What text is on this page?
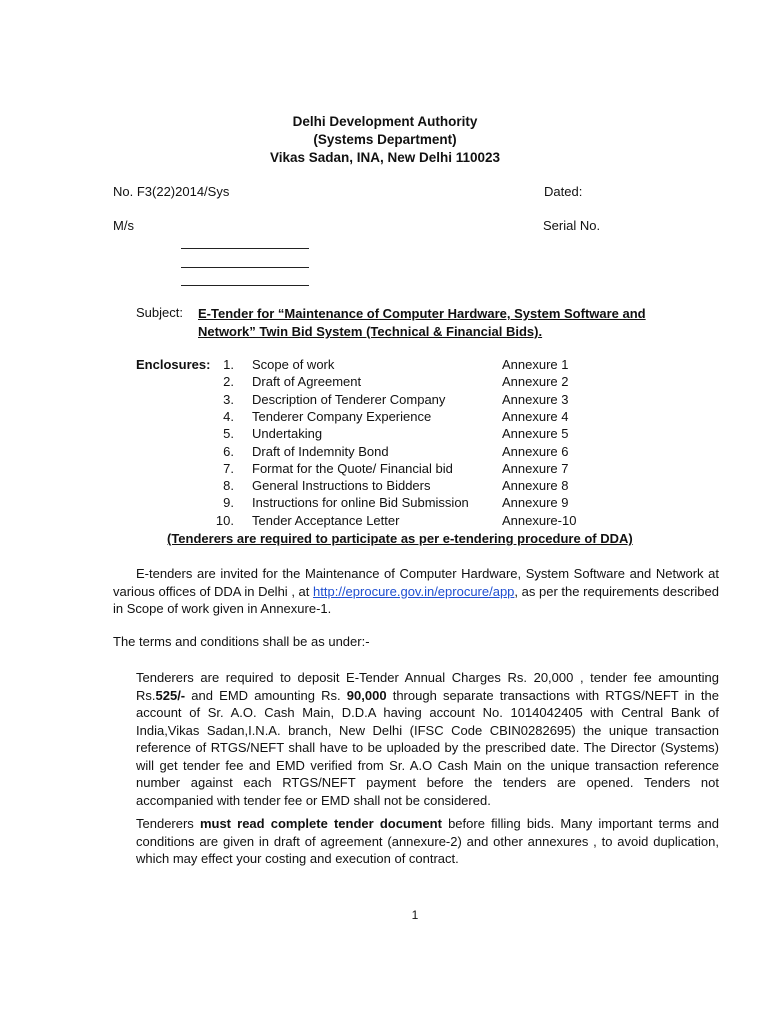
Delhi Development Authority
(Systems Department)
Vikas Sadan, INA, New Delhi 110023
No. F3(22)2014/Sys	Dated:
M/s	Serial No.
Subject: E-Tender for “Maintenance of Computer Hardware, System Software and
Network” Twin Bid System (Technical & Financial Bids).
Enclosures: 1. Scope of work	Annexure 1
2. Draft of Agreement	Annexure 2
3. Description of Tenderer Company	Annexure 3
4. Tenderer Company Experience	Annexure 4
5. Undertaking	Annexure 5
6. Draft of Indemnity Bond	Annexure 6
7. Format for the Quote/ Financial bid	Annexure 7
8. General Instructions to Bidders	Annexure 8
9. Instructions for online Bid Submission	Annexure 9
10. Tender Acceptance Letter	Annexure-10
(Tenderers are required to participate as per e-tendering procedure of DDA)
E-tenders are invited for the Maintenance of Computer Hardware, System Software and Network at various offices of DDA in Delhi , at http://eprocure.gov.in/eprocure/app, as per the requirements described in Scope of work given in Annexure-1.
The terms and conditions shall be as under:-
Tenderers are required to deposit E-Tender Annual Charges Rs. 20,000 , tender fee amounting Rs.525/- and EMD amounting Rs. 90,000 through separate transactions with RTGS/NEFT in the account of Sr. A.O. Cash Main, D.D.A having account No. 1014042405 with Central Bank of India,Vikas Sadan,I.N.A. branch, New Delhi (IFSC Code CBIN0282695) the unique transaction reference of RTGS/NEFT shall have to be uploaded by the prescribed date. The Director (Systems) will get tender fee and EMD verified from Sr. A.O Cash Main on the unique transaction reference number against each RTGS/NEFT payment before the tenders are opened. Tenders not accompanied with tender fee or EMD shall not be considered.
Tenderers must read complete tender document before filling bids. Many important terms and conditions are given in draft of agreement (annexure-2) and other annexures , to avoid duplication, which may effect your costing and execution of contract.
1
